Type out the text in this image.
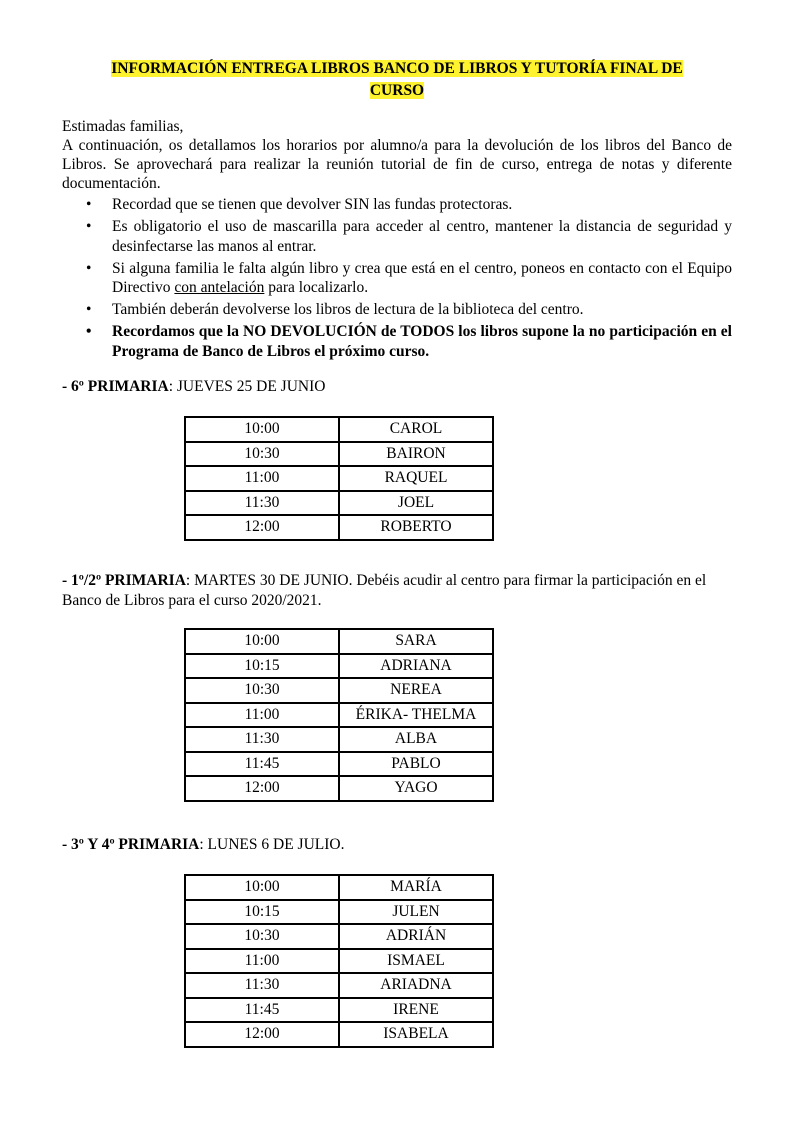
INFORMACIÓN ENTREGA LIBROS BANCO DE LIBROS Y TUTORÍA FINAL DE
CURSO

Estimadas familias,

A continuación, os detallamos los horarios por alumno/a para la devolución de los libros del Banco de Libros. Se aprovechará para realizar la reunión tutorial de fin de curso, entrega de notas y diferente documentación.

• Recordad que se tienen que devolver SIN las fundas protectoras.
• Es obligatorio el uso de mascarilla para acceder al centro, mantener la distancia de seguridad y desinfectarse las manos al entrar.
• Si alguna familia le falta algún libro y crea que está en el centro, poneos en contacto con el Equipo Directivo con antelación para localizarlo.
• También deberán devolverse los libros de lectura de la biblioteca del centro.
• Recordamos que la NO DEVOLUCIÓN de TODOS los libros supone la no participación en el Programa de Banco de Libros el próximo curso.
- 6º PRIMARIA: JUEVES 25 DE JUNIO
10:00	CAROL
10:30	BAIRON
11:00	RAQUEL
11:30	JOEL
12:00	ROBERTO
- 1º/2º PRIMARIA: MARTES 30 DE JUNIO. Debéis acudir al centro para firmar la participación en el Banco de Libros para el curso 2020/2021.
10:00	SARA
10:15	ADRIANA
10:30	NEREA
11:00	ÉRIKA- THELMA
11:30	ALBA
11:45	PABLO
12:00	YAGO
- 3º Y 4º PRIMARIA: LUNES 6 DE JULIO.
10:00	MARÍA
10:15	JULEN
10:30	ADRIÁN
11:00	ISMAEL
11:30	ARIADNA
11:45	IRENE
12:00	ISABELA
